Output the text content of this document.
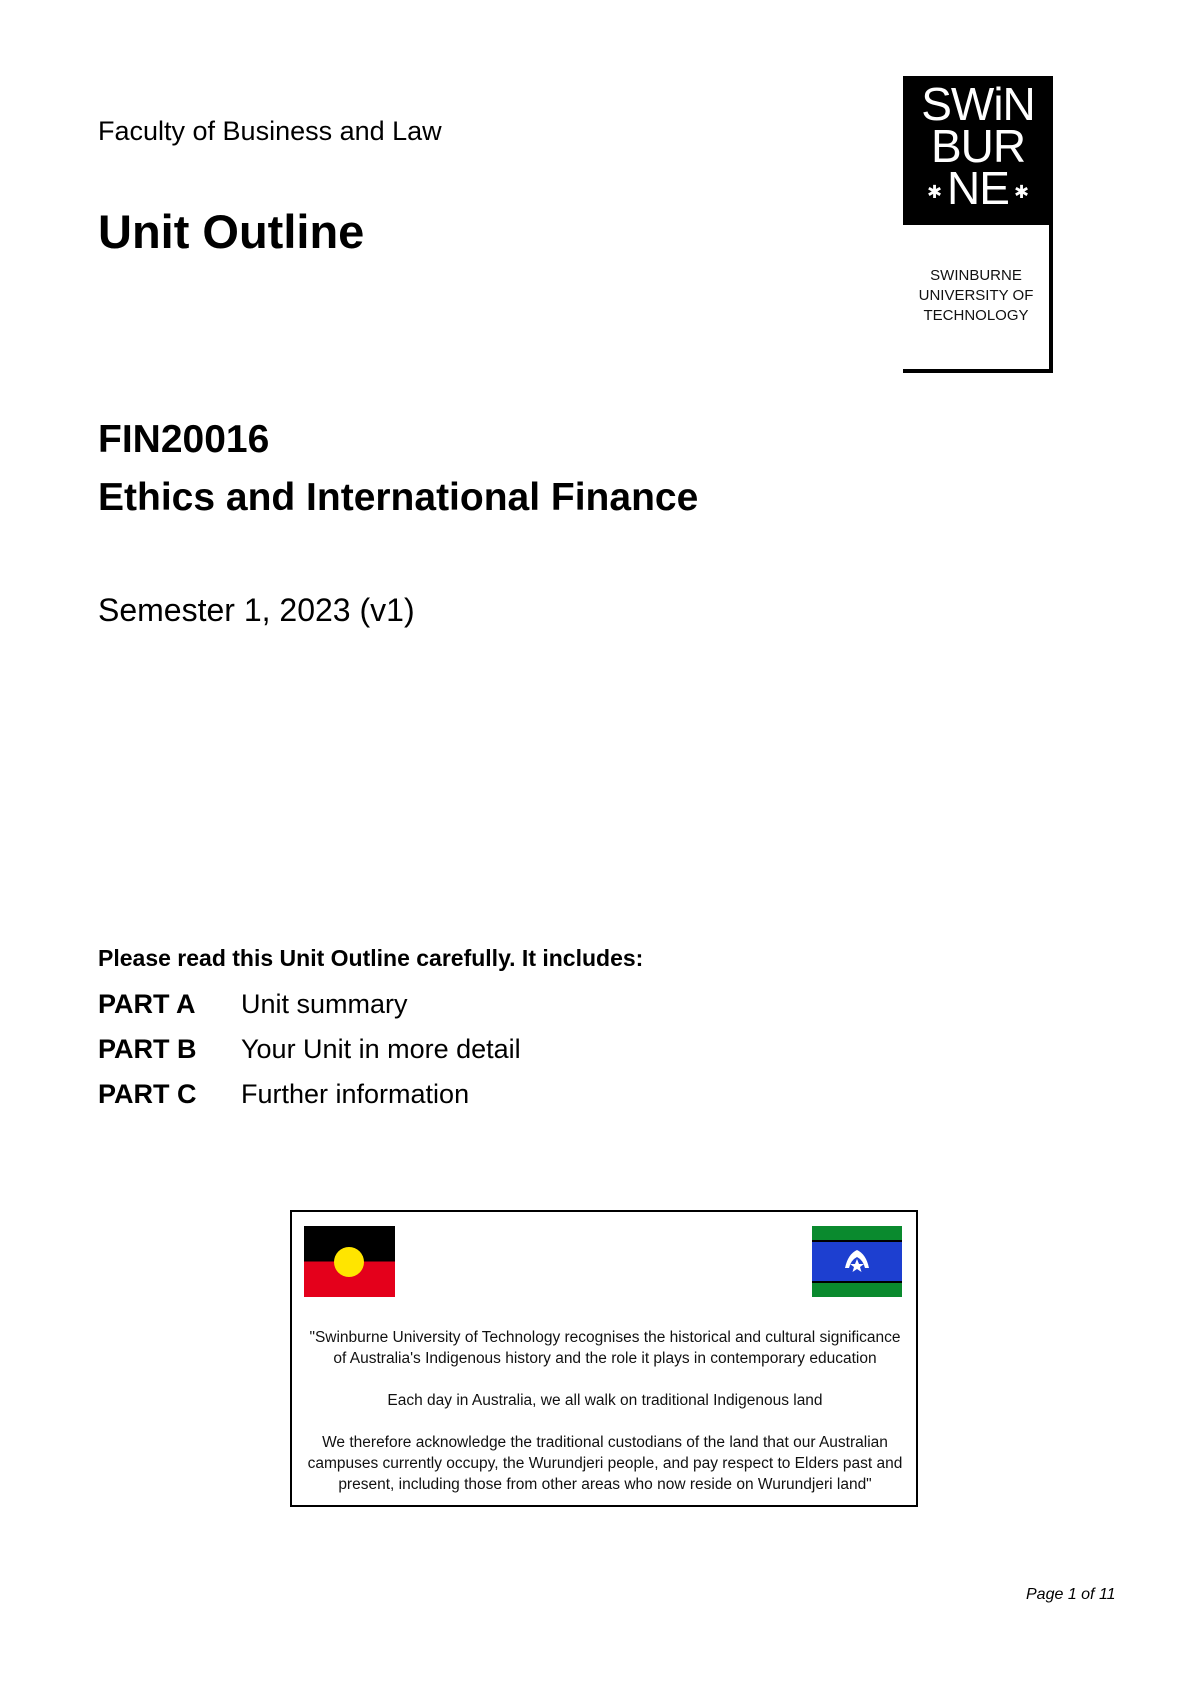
Faculty of Business and Law
Unit Outline
SWiN
BUR
✱ NE ✱
SWINBURNE
UNIVERSITY OF
TECHNOLOGY
FIN20016
Ethics and International Finance
Semester 1, 2023 (v1)
Please read this Unit Outline carefully. It includes:
PART A	Unit summary
PART B	Your Unit in more detail
PART C	Further information

"Swinburne University of Technology recognises the historical and cultural significance of Australia's Indigenous history and the role it plays in contemporary education

Each day in Australia, we all walk on traditional Indigenous land

We therefore acknowledge the traditional custodians of the land that our Australian campuses currently occupy, the Wurundjeri people, and pay respect to Elders past and present, including those from other areas who now reside on Wurundjeri land"

Page 1 of 11
